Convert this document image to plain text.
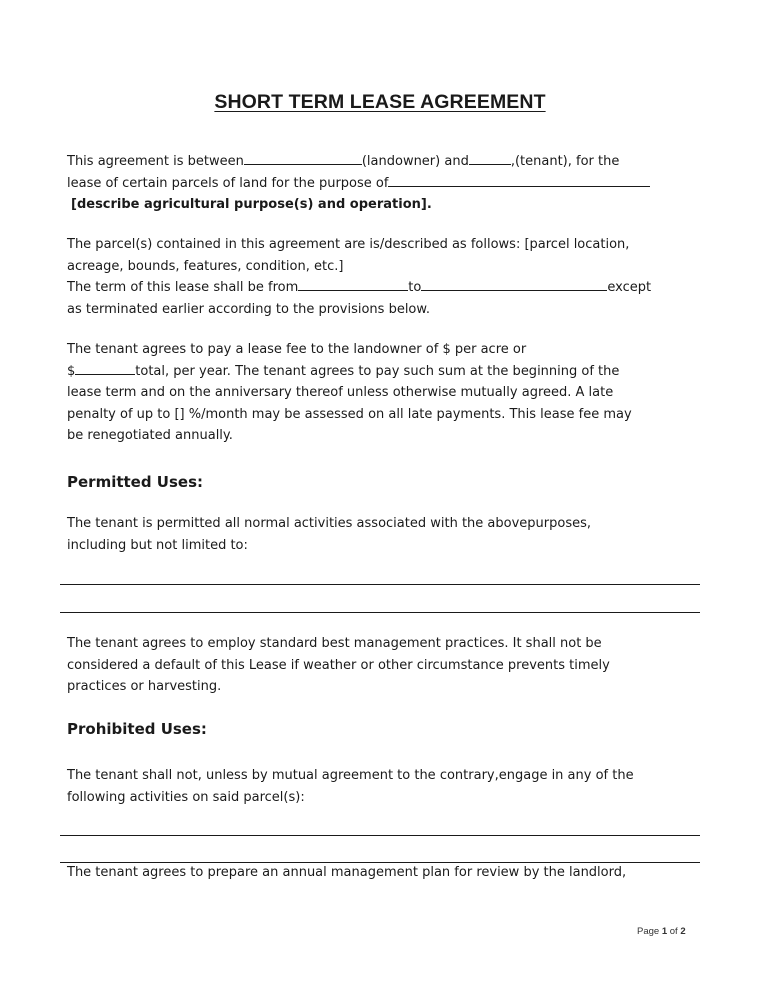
SHORT TERM LEASE AGREEMENT
This agreement is between	(landowner) and	,(tenant), for the
lease of certain parcels of land for the purpose of
[describe agricultural purpose(s) and operation].
The parcel(s) contained in this agreement are is/described as follows: [parcel location,
acreage, bounds, features, condition, etc.]
The term of this lease shall be from	to	except
as terminated earlier according to the provisions below.
The tenant agrees to pay a lease fee to the landowner of $ per acre or
$	total, per year. The tenant agrees to pay such sum at the beginning of the
lease term and on the anniversary thereof unless otherwise mutually agreed. A late
penalty of up to [] %/month may be assessed on all late payments. This lease fee may
be renegotiated annually.
Permitted Uses:
The tenant is permitted all normal activities associated with the abovepurposes,
including but not limited to:
The tenant agrees to employ standard best management practices. It shall not be
considered a default of this Lease if weather or other circumstance prevents timely
practices or harvesting.
Prohibited Uses:
The tenant shall not, unless by mutual agreement to the contrary,engage in any of the
following activities on said parcel(s):
The tenant agrees to prepare an annual management plan for review by the landlord,
Page 1 of 2
